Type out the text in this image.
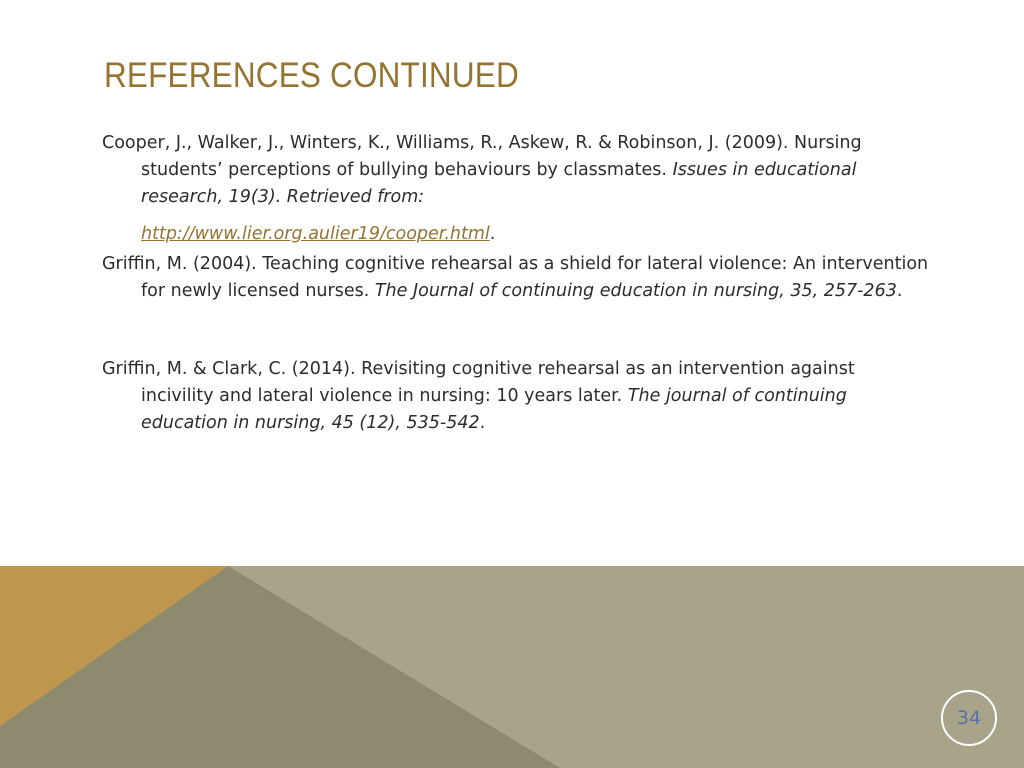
REFERENCES CONTINUED

Cooper, J., Walker, J., Winters, K., Williams, R., Askew, R. & Robinson, J. (2009). Nursing students’ perceptions of bullying behaviours by classmates. Issues in educational research, 19(3). Retrieved from:

http://www.lier.org.aulier19/cooper.html.

Griffin, M. (2004). Teaching cognitive rehearsal as a shield for lateral violence: An intervention for newly licensed nurses. The Journal of continuing education in nursing, 35, 257-263.

Griffin, M. & Clark, C. (2014). Revisiting cognitive rehearsal as an intervention against incivility and lateral violence in nursing: 10 years later. The journal of continuing education in nursing, 45 (12), 535-542.

34
